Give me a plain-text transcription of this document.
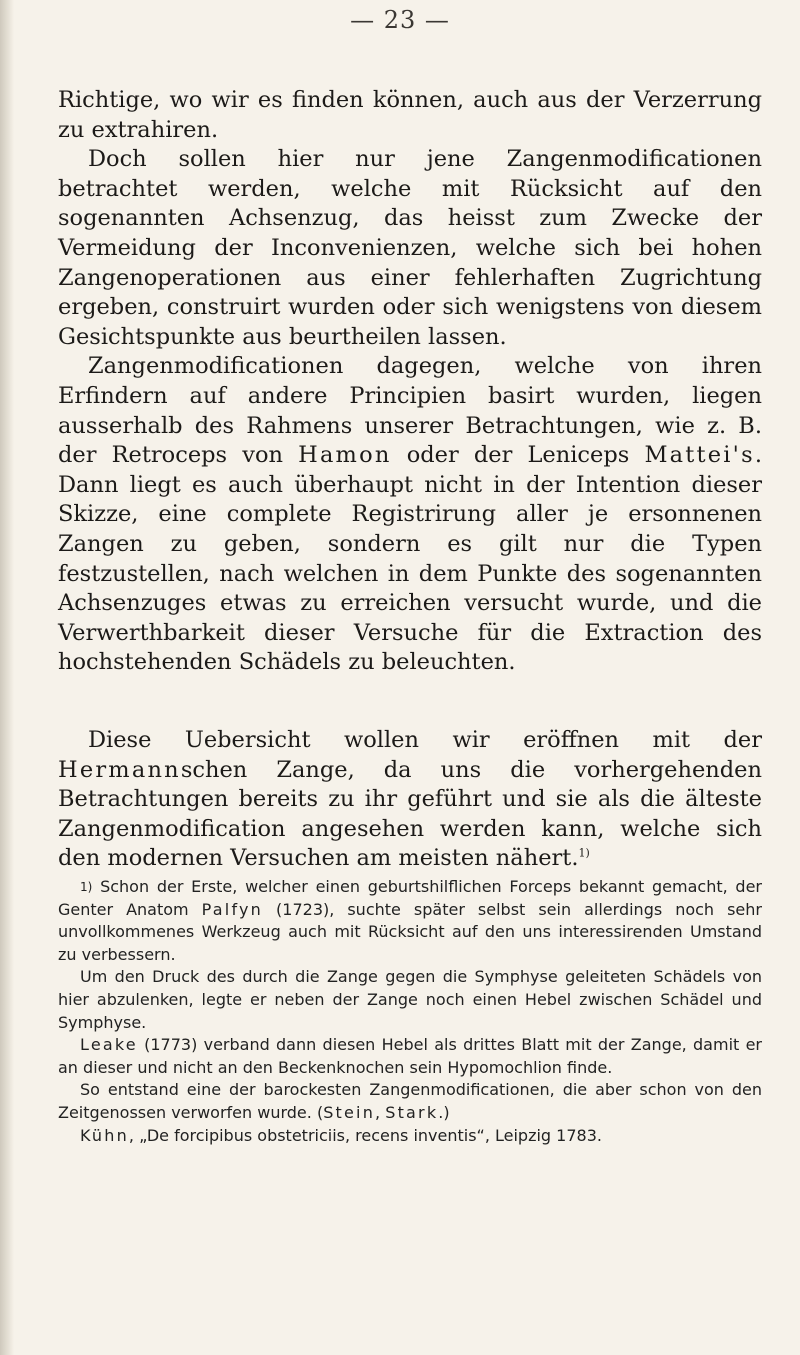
— 23 —

Richtige, wo wir es finden können, auch aus der Verzerrung zu extrahiren.

Doch sollen hier nur jene Zangenmodificationen betrachtet werden, welche mit Rücksicht auf den sogenannten Achsenzug, das heisst zum Zwecke der Vermeidung der Inconvenienzen, welche sich bei hohen Zangenoperationen aus einer fehlerhaften Zugrichtung ergeben, construirt wurden oder sich wenigstens von diesem Gesichtspunkte aus beurtheilen lassen.

Zangenmodificationen dagegen, welche von ihren Erfindern auf andere Principien basirt wurden, liegen ausserhalb des Rahmens unserer Betrachtungen, wie z. B. der Retroceps von Hamon oder der Leniceps Mattei's. Dann liegt es auch überhaupt nicht in der Intention dieser Skizze, eine complete Registrirung aller je ersonnenen Zangen zu geben, sondern es gilt nur die Typen festzustellen, nach welchen in dem Punkte des sogenannten Achsenzuges etwas zu erreichen versucht wurde, und die Verwerthbarkeit dieser Versuche für die Extraction des hochstehenden Schädels zu beleuchten.

Diese Uebersicht wollen wir eröffnen mit der Hermannschen Zange, da uns die vorhergehenden Betrachtungen bereits zu ihr geführt und sie als die älteste Zangenmodification angesehen werden kann, welche sich den modernen Versuchen am meisten nähert.$^{1)}$

$^{1)}$ Schon der Erste, welcher einen geburtshilflichen Forceps bekannt gemacht, der Genter Anatom Palfyn (1723), suchte später selbst sein allerdings noch sehr unvollkommenes Werkzeug auch mit Rücksicht auf den uns interessirenden Umstand zu verbessern.

Um den Druck des durch die Zange gegen die Symphyse geleiteten Schädels von hier abzulenken, legte er neben der Zange noch einen Hebel zwischen Schädel und Symphyse.

Leake (1773) verband dann diesen Hebel als drittes Blatt mit der Zange, damit er an dieser und nicht an den Beckenknochen sein Hypomochlion finde.

So entstand eine der barockesten Zangenmodificationen, die aber schon von den Zeitgenossen verworfen wurde. (Stein, Stark.)

Kühn, „De forcipibus obstetriciis, recens inventis“, Leipzig 1783.
